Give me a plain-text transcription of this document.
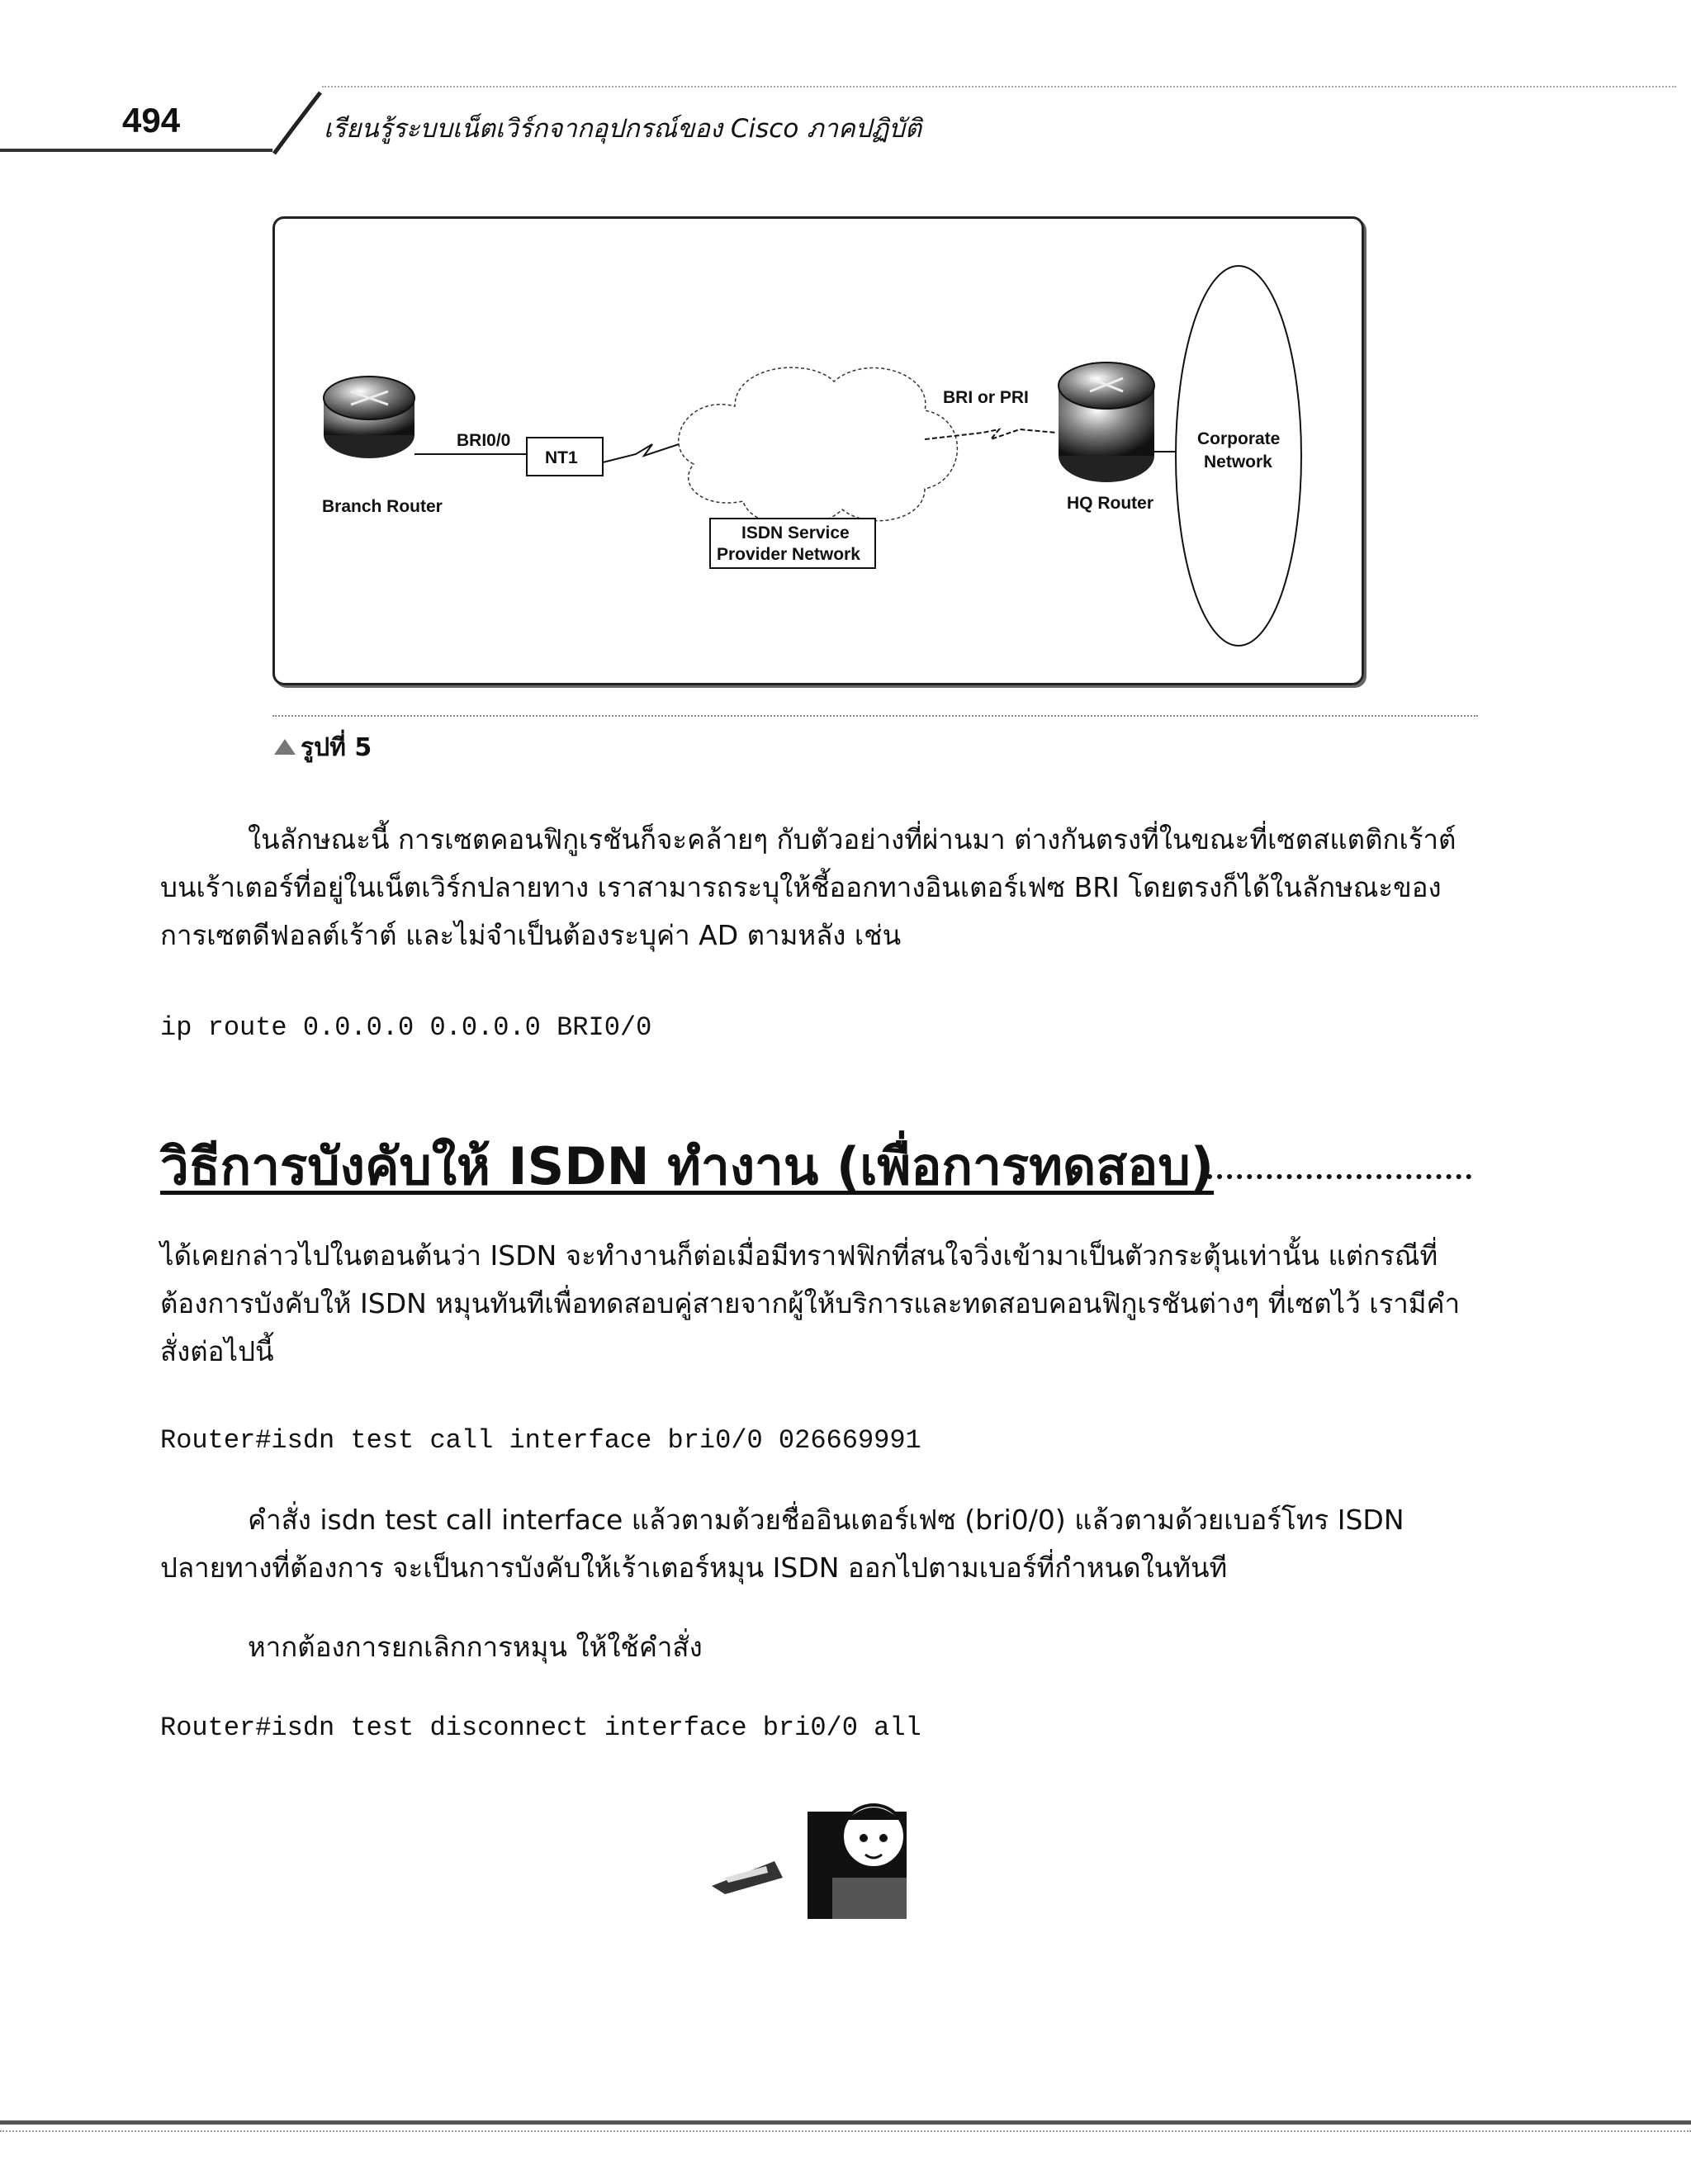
494	เรียนรู้ระบบเน็ตเวิร์กจากอุปกรณ์ของ Cisco ภาคปฏิบัติ
Branch Router
BRI0/0
NT1
ISDN Service
Provider Network
BRI or PRI
HQ Router
Corporate
Network
รูปที่ 5
ในลักษณะนี้ การเซตคอนฟิกูเรชันก็จะคล้ายๆ กับตัวอย่างที่ผ่านมา ต่างกันตรงที่ในขณะที่เซตสแตติกเร้าต์บนเร้าเตอร์ที่อยู่ในเน็ตเวิร์กปลายทาง เราสามารถระบุให้ชี้ออกทางอินเตอร์เฟซ BRI โดยตรงก็ได้ในลักษณะของการเซตดีฟอลต์เร้าต์ และไม่จำเป็นต้องระบุค่า AD ตามหลัง เช่น
ip route 0.0.0.0 0.0.0.0 BRI0/0
วิธีการบังคับให้ ISDN ทำงาน (เพื่อการทดสอบ)
ได้เคยกล่าวไปในตอนต้นว่า ISDN จะทำงานก็ต่อเมื่อมีทราฟฟิกที่สนใจวิ่งเข้ามาเป็นตัวกระตุ้นเท่านั้น แต่กรณีที่ต้องการบังคับให้ ISDN หมุนทันทีเพื่อทดสอบคู่สายจากผู้ให้บริการและทดสอบคอนฟิกูเรชันต่างๆ ที่เซตไว้ เรามีคำสั่งต่อไปนี้
Router#isdn test call interface bri0/0 026669991
คำสั่ง isdn test call interface แล้วตามด้วยชื่ออินเตอร์เฟซ (bri0/0) แล้วตามด้วยเบอร์โทร ISDN ปลายทางที่ต้องการ จะเป็นการบังคับให้เร้าเตอร์หมุน ISDN ออกไปตามเบอร์ที่กำหนดในทันที
หากต้องการยกเลิกการหมุน ให้ใช้คำสั่ง
Router#isdn test disconnect interface bri0/0 all
